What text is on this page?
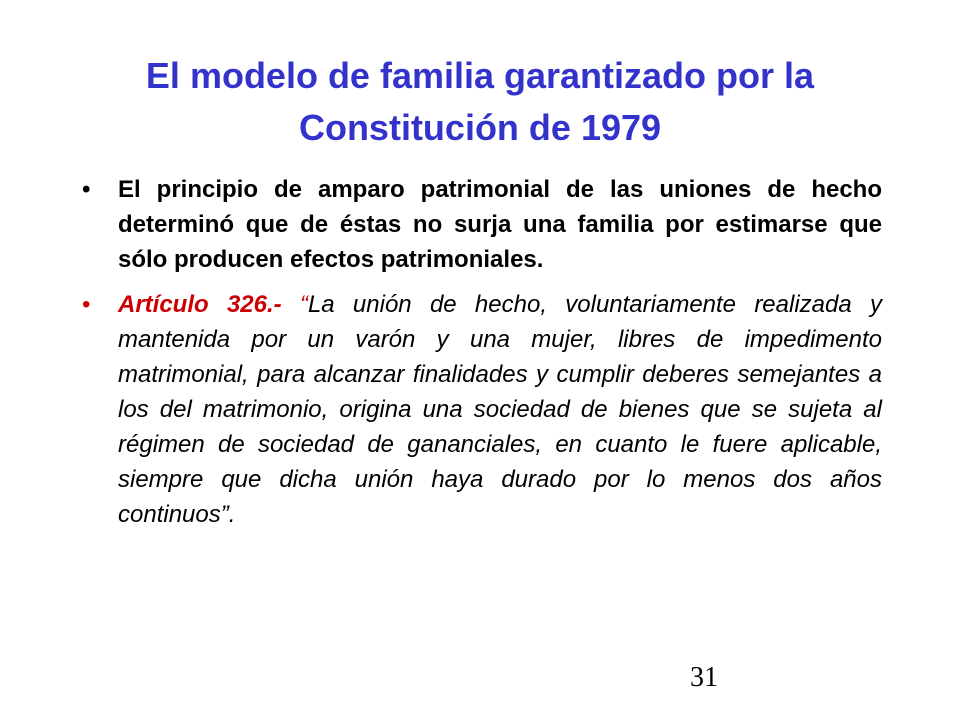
El modelo de familia garantizado por la Constitución de 1979
• El principio de amparo patrimonial de las uniones de hecho determinó que de éstas no surja una familia por estimarse que sólo producen efectos patrimoniales.
• Artículo 326.- “La unión de hecho, voluntariamente realizada y mantenida por un varón y una mujer, libres de impedimento matrimonial, para alcanzar finalidades y cumplir deberes semejantes a los del matrimonio, origina una sociedad de bienes que se sujeta al régimen de sociedad de gananciales, en cuanto le fuere aplicable, siempre que dicha unión haya durado por lo menos dos años continuos”.
31
